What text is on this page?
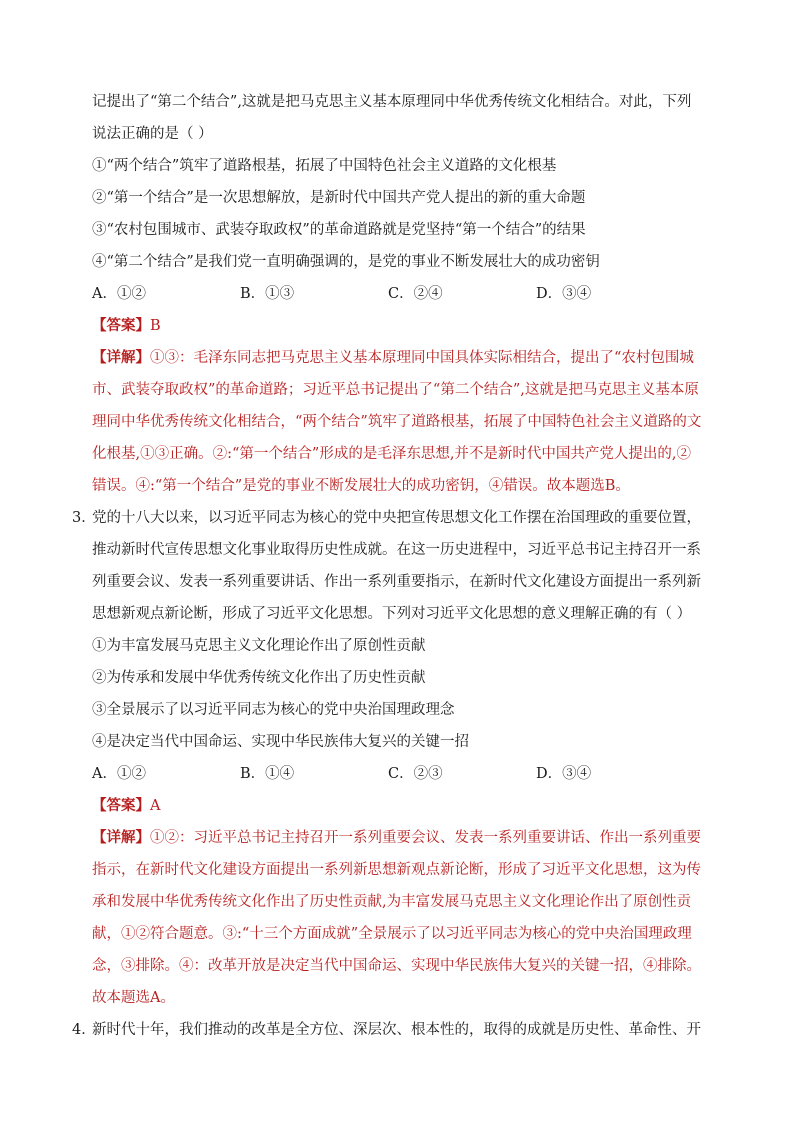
记提出了“第二个结合”,这就是把马克思主义基本原理同中华优秀传统文化相结合。对此，下列
说法正确的是（ ）
①“两个结合”筑牢了道路根基，拓展了中国特色社会主义道路的文化根基
②“第一个结合”是一次思想解放，是新时代中国共产党人提出的新的重大命题
③“农村包围城市、武装夺取政权”的革命道路就是党坚持“第一个结合”的结果
④“第二个结合”是我们党一直明确强调的，是党的事业不断发展壮大的成功密钥
A．①②	B．①③	C．②④	D．③④
【答案】B
【详解】①③：毛泽东同志把马克思主义基本原理同中国具体实际相结合，提出了“农村包围城
市、武装夺取政权”的革命道路；习近平总书记提出了“第二个结合”,这就是把马克思主义基本原
理同中华优秀传统文化相结合，“两个结合”筑牢了道路根基，拓展了中国特色社会主义道路的文
化根基,①③正确。②:“第一个结合”形成的是毛泽东思想,并不是新时代中国共产党人提出的,②
错误。④:“第一个结合”是党的事业不断发展壮大的成功密钥，④错误。故本题选B。
3．
党的十八大以来，以习近平同志为核心的党中央把宣传思想文化工作摆在治国理政的重要位置，
推动新时代宣传思想文化事业取得历史性成就。在这一历史进程中，习近平总书记主持召开一系
列重要会议、发表一系列重要讲话、作出一系列重要指示，在新时代文化建设方面提出一系列新
思想新观点新论断，形成了习近平文化思想。下列对习近平文化思想的意义理解正确的有（ ）
①为丰富发展马克思主义文化理论作出了原创性贡献
②为传承和发展中华优秀传统文化作出了历史性贡献
③全景展示了以习近平同志为核心的党中央治国理政理念
④是决定当代中国命运、实现中华民族伟大复兴的关键一招
A．①②	B．①④	C．②③	D．③④
【答案】A
【详解】①②：习近平总书记主持召开一系列重要会议、发表一系列重要讲话、作出一系列重要
指示，在新时代文化建设方面提出一系列新思想新观点新论断，形成了习近平文化思想，这为传
承和发展中华优秀传统文化作出了历史性贡献,为丰富发展马克思主义文化理论作出了原创性贡
献，①②符合题意。③:“十三个方面成就”全景展示了以习近平同志为核心的党中央治国理政理
念，③排除。④：改革开放是决定当代中国命运、实现中华民族伟大复兴的关键一招，④排除。
故本题选A。
4．
新时代十年，我们推动的改革是全方位、深层次、根本性的，取得的成就是历史性、革命性、开
